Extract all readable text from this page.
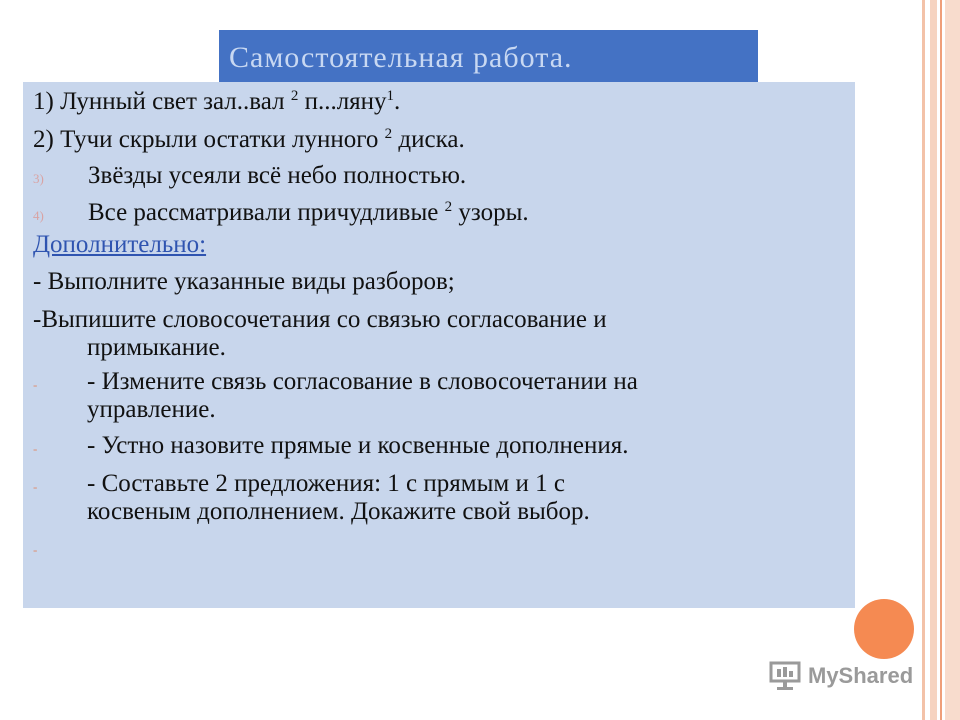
Самостоятельная работа.
1) Лунный свет зал..вал $^2$ п...ляну$^1$.
2) Тучи скрыли остатки лунного $^2$ диска.
3) Звёзды усеяли всё небо полностью.
4) Все рассматривали причудливые $^2$ узоры.
Дополнительно:
- Выполните указанные виды разборов;
-Выпишите словосочетания со связью согласование и
примыкание.
- - Измените связь согласование в словосочетании на
управление.
- - Устно назовите прямые и косвенные дополнения.
- - Составьте 2 предложения: 1 с прямым и 1 с
косвеным дополнением. Докажите свой выбор.
-
MyShared
